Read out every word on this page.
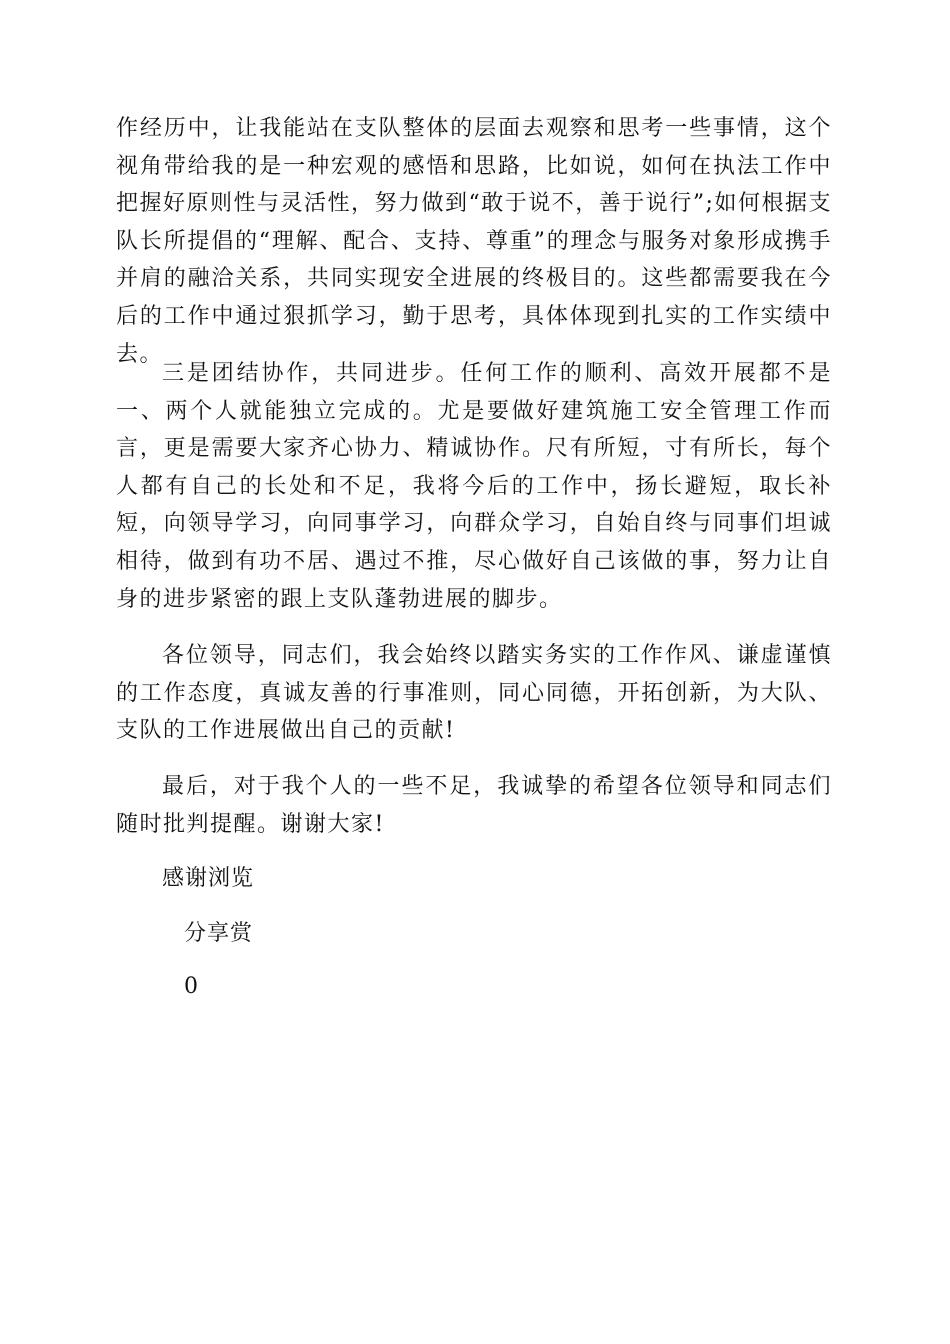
作经历中，让我能站在支队整体的层面去观察和思考一些事情，这个视角带给我的是一种宏观的感悟和思路，比如说，如何在执法工作中把握好原则性与灵活性，努力做到“敢于说不，善于说行”;如何根据支队长所提倡的“理解、配合、支持、尊重”的理念与服务对象形成携手并肩的融洽关系，共同实现安全进展的终极目的。这些都需要我在今后的工作中通过狠抓学习，勤于思考，具体体现到扎实的工作实绩中去。

三是团结协作，共同进步。任何工作的顺利、高效开展都不是一、两个人就能独立完成的。尤是要做好建筑施工安全管理工作而言，更是需要大家齐心协力、精诚协作。尺有所短，寸有所长，每个人都有自己的长处和不足，我将今后的工作中，扬长避短，取长补短，向领导学习，向同事学习，向群众学习，自始自终与同事们坦诚相待，做到有功不居、遇过不推，尽心做好自己该做的事，努力让自身的进步紧密的跟上支队蓬勃进展的脚步。

各位领导，同志们，我会始终以踏实务实的工作作风、谦虚谨慎的工作态度，真诚友善的行事准则，同心同德，开拓创新，为大队、支队的工作进展做出自己的贡献!

最后，对于我个人的一些不足，我诚挚的希望各位领导和同志们随时批判提醒。谢谢大家!

感谢浏览

分享赏

0
